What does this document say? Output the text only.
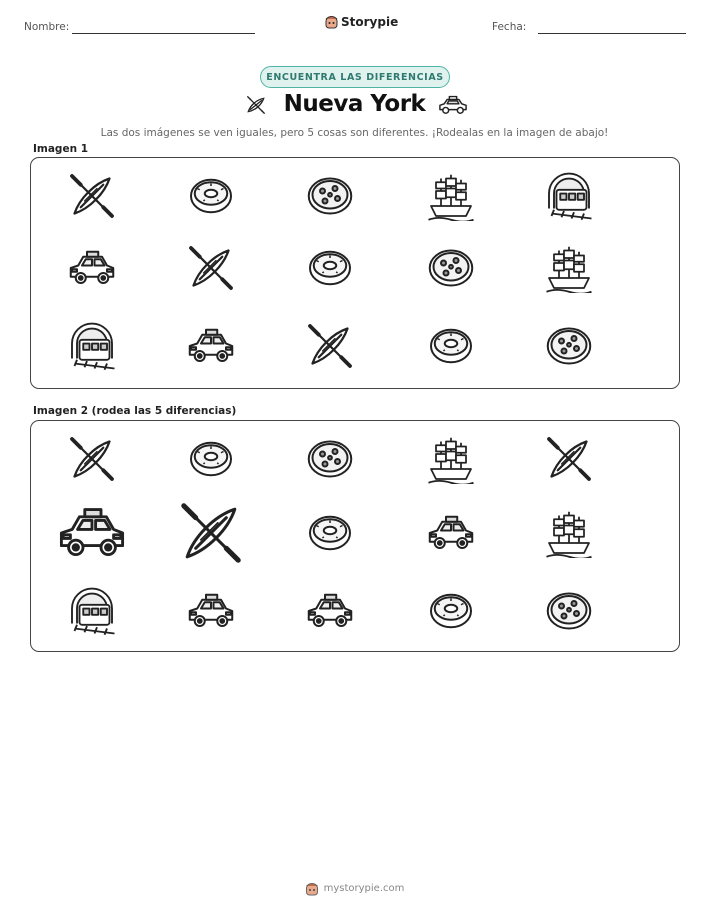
Nombre:	Storypie	Fecha:
ENCUENTRA LAS DIFERENCIAS
Nueva York
Las dos imágenes se ven iguales, pero 5 cosas son diferentes. ¡Rodealas en la imagen de abajo!
Imagen 1
Imagen 2 (rodea las 5 diferencias)
mystorypie.com
